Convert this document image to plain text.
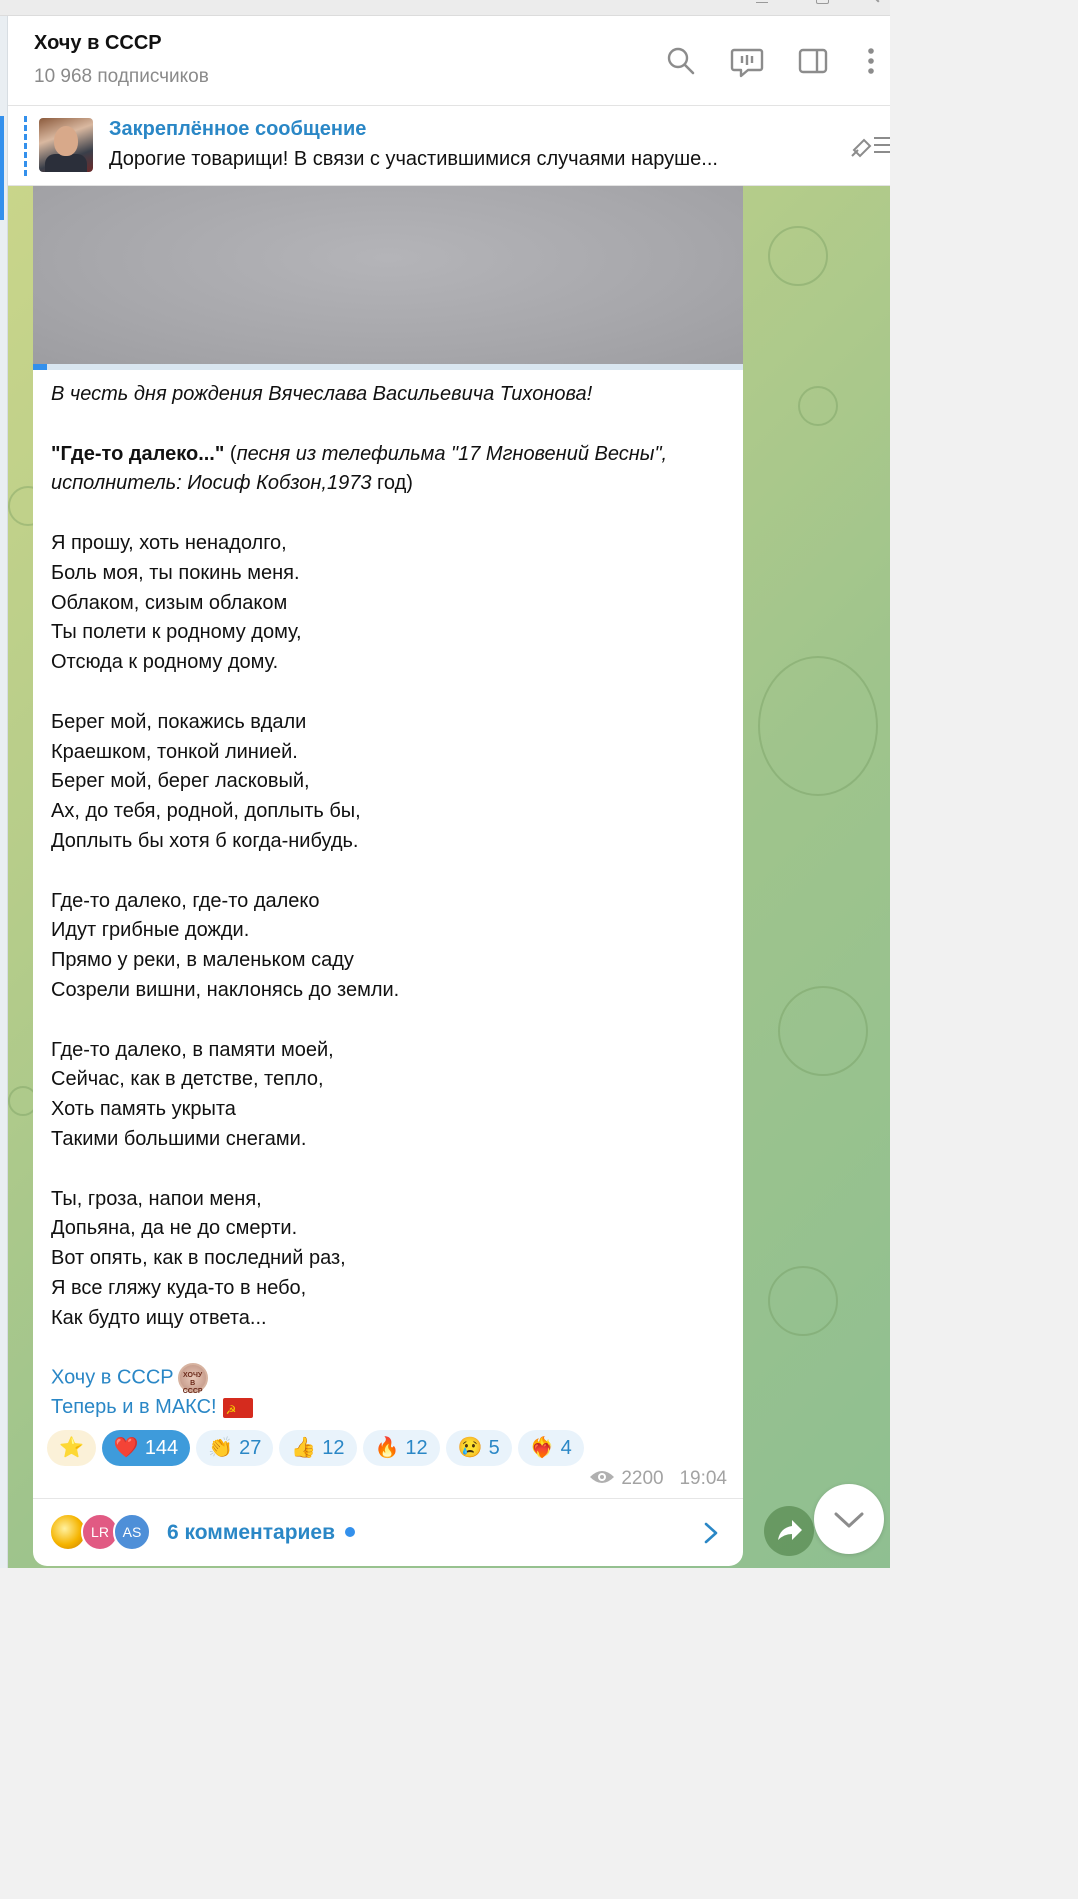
Хочу в СССР
10 968 подписчиков
Закреплённое сообщение
Дорогие товарищи! В связи с участившимися случаями наруше...

В честь дня рождения Вячеслава Васильевича Тихонова!

"Где-то далеко..." (песня из телефильма "17 Мгновений Весны",

исполнитель: Иосиф Кобзон,1973 год)

Я прошу, хоть ненадолго,

Боль моя, ты покинь меня.

Облаком, сизым облаком

Ты полети к родному дому,

Отсюда к родному дому.

Берег мой, покажись вдали

Краешком, тонкой линией.

Берег мой, берег ласковый,

Ах, до тебя, родной, доплыть бы,

Доплыть бы хотя б когда-нибудь.

Где-то далеко, где-то далеко

Идут грибные дожди.

Прямо у реки, в маленьком саду

Созрели вишни, наклонясь до земли.

Где-то далеко, в памяти моей,

Сейчас, как в детстве, тепло,

Хоть память укрыта

Такими большими снегами.

Ты, гроза, напои меня,

Допьяна, да не до смерти.

Вот опять, как в последний раз,

Я все гляжу куда-то в небо,

Как будто ищу ответа...

Хочу в СССР ХОЧУ В СССР

Теперь и в МАКС!☭

⭐ ❤️ 144 👏 27 👍 12 🔥 12 😢 5 ❤️‍🔥 4
2200 19:04
LR AS	6 комментариев
